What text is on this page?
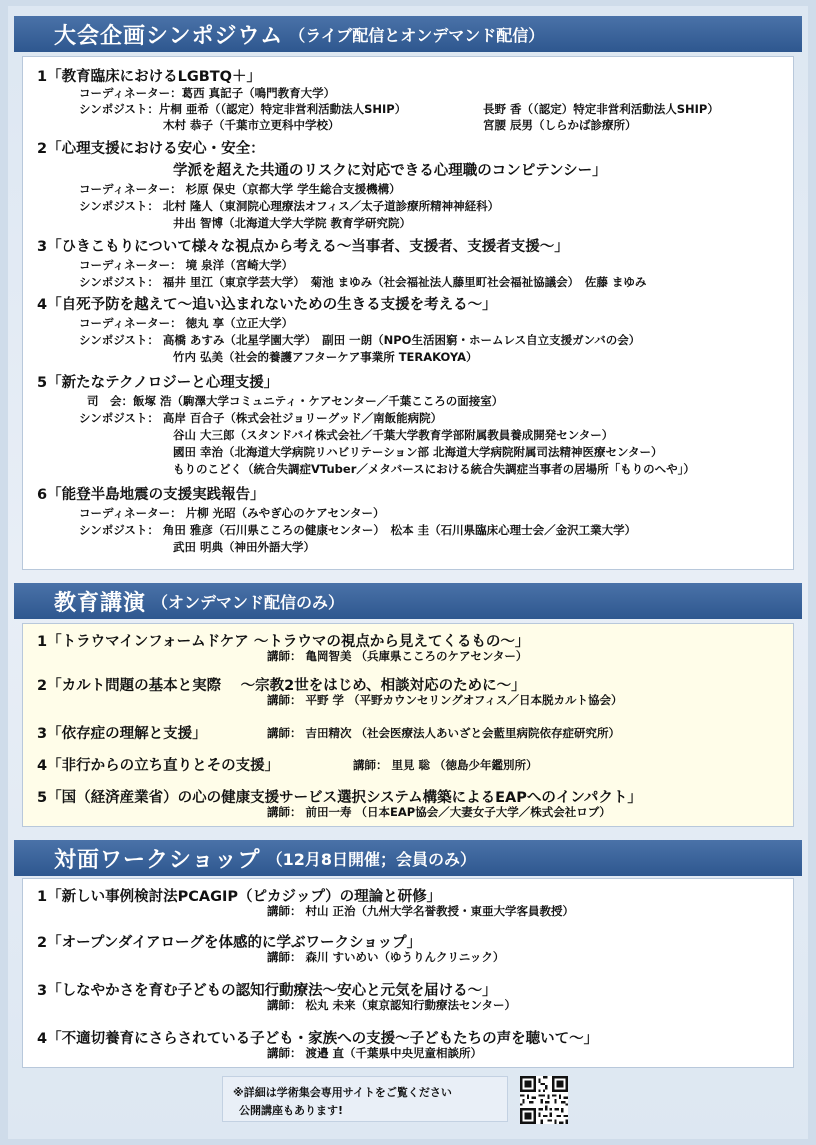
大会企画シンポジウム （ライブ配信とオンデマンド配信）
1「教育臨床におけるLGBTQ＋」
コーディネーター：葛西 真記子（鳴門教育大学）
シンポジスト：片桐 亜希（（認定）特定非営利活動法人SHIP）	長野 香（（認定）特定非営利活動法人SHIP）
木村 恭子（千葉市立更科中学校）	宮腰 辰男（しらかば診療所）
2「心理支援における安心・安全：
学派を超えた共通のリスクに対応できる心理職のコンピテンシー」
コーディネーター： 杉原 保史（京都大学 学生総合支援機構）
シンポジスト： 北村 隆人（東洞院心理療法オフィス／太子道診療所精神神経科）
井出 智博（北海道大学大学院 教育学研究院）
3「ひきこもりについて様々な視点から考える～当事者、支援者、支援者支援～」
コーディネーター： 境 泉洋（宮崎大学）
シンポジスト： 福井 里江（東京学芸大学）　菊池 まゆみ（社会福祉法人藤里町社会福祉協議会）　佐藤 まゆみ
4「自死予防を越えて～追い込まれないための生きる支援を考える～」
コーディネーター： 徳丸 享（立正大学）
シンポジスト： 高橋 あすみ（北星学園大学）　副田 一朗（NPO生活困窮・ホームレス自立支援ガンバの会）
竹内 弘美（社会的養護アフターケア事業所 TERAKOYA）
5「新たなテクノロジーと心理支援」
司　会：飯塚 浩（駒澤大学コミュニティ・ケアセンター／千葉こころの面接室）
シンポジスト： 高岸 百合子（株式会社ジョリーグッド／南飯能病院）
谷山 大三郎（スタンドバイ株式会社／千葉大学教育学部附属教員養成開発センター）
國田 幸治（北海道大学病院リハビリテーション部 北海道大学病院附属司法精神医療センター）
もりのこどく（統合失調症VTuber／メタバースにおける統合失調症当事者の居場所「もりのへや」）
6「能登半島地震の支援実践報告」
コーディネーター： 片柳 光昭（みやぎ心のケアセンター）
シンポジスト： 角田 雅彦（石川県こころの健康センター）　松本 圭（石川県臨床心理士会／金沢工業大学）
武田 明典（神田外語大学）
教育講演 （オンデマンド配信のみ）
1「トラウマインフォームドケア ～トラウマの視点から見えてくるもの～」
講師： 亀岡智美 （兵庫県こころのケアセンター）
2「カルト問題の基本と実際　 ～宗教2世をはじめ、相談対応のために～」
講師： 平野 学 （平野カウンセリングオフィス／日本脱カルト協会）
3「依存症の理解と支援」	講師： 吉田精次 （社会医療法人あいざと会藍里病院依存症研究所）
4「非行からの立ち直りとその支援」	講師： 里見 聡 （徳島少年鑑別所）
5「国（経済産業省）の心の健康支援サービス選択システム構築によるEAPへのインパクト」
講師： 前田一寿 （日本EAP協会／大妻女子大学／株式会社ロブ）
対面ワークショップ （12月8日開催；会員のみ）
1「新しい事例検討法PCAGIP（ピカジップ）の理論と研修」
講師： 村山 正治（九州大学名誉教授・東亜大学客員教授）
2「オープンダイアローグを体感的に学ぶワークショップ」
講師： 森川 すいめい（ゆうりんクリニック）
3「しなやかさを育む子どもの認知行動療法～安心と元気を届ける～」
講師： 松丸 未来（東京認知行動療法センター）
4「不適切養育にさらされている子ども・家族への支援～子どもたちの声を聴いて～」
講師： 渡邉 直（千葉県中央児童相談所）
※詳細は学術集会専用サイトをご覧ください
公開講座もあります!
